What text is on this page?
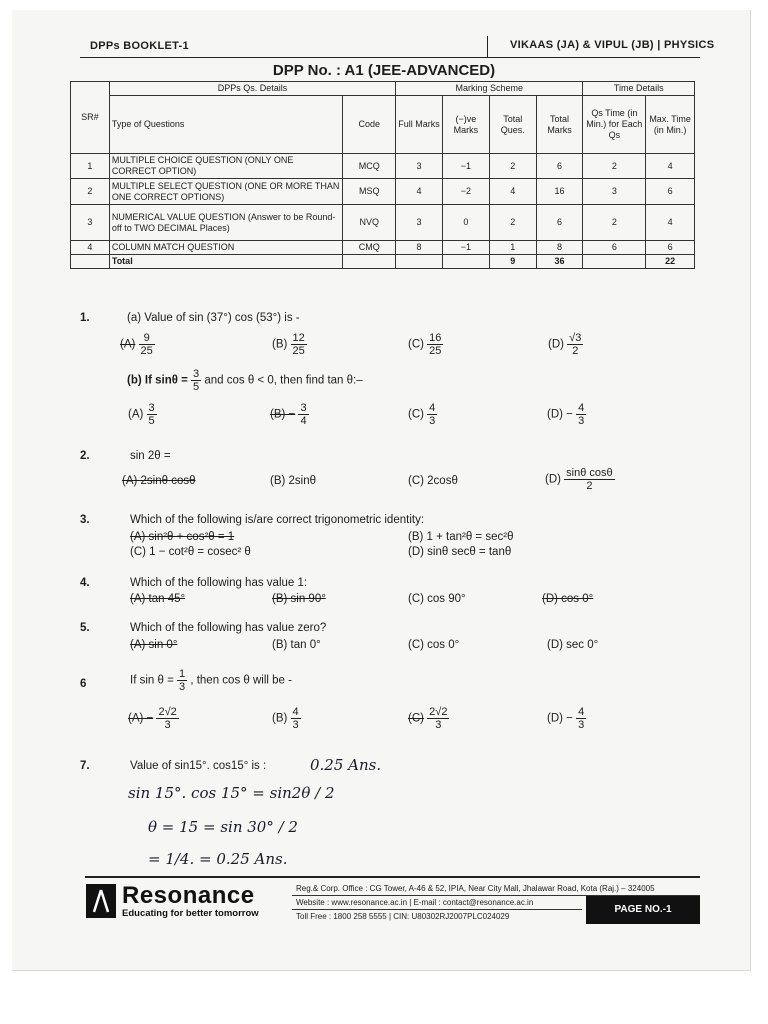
DPPs BOOKLET-1	VIKAAS (JA) & VIPUL (JB) | PHYSICS
DPP No. : A1 (JEE-ADVANCED)
SR#	DPPs Qs. Details		Marking Scheme				Time Details	
	Type of Questions	Code	Full Marks	(−)ve Marks	Total Ques.	Total Marks	Qs Time (in Min.) for Each Qs	Max. Time (in Min.)
1	MULTIPLE CHOICE QUESTION (ONLY ONE CORRECT OPTION)	MCQ	3	−1	2	6	2	4
2	MULTIPLE SELECT QUESTION (ONE OR MORE THAN ONE CORRECT OPTIONS)	MSQ	4	−2	4	16	3	6
3	NUMERICAL VALUE QUESTION (Answer to be Round-off to TWO DECIMAL Places)	NVQ	3	0	2	6	2	4
4	COLUMN MATCH QUESTION	CMQ	8	−1	1	8	6	6
	Total				9	36		22
1.	(a) Value of sin (37°) cos (53°) is -
$(A) \frac{9}{25}$	$(B) \frac{12}{25}$	$(C) \frac{16}{25}$	$(D) \frac{√3}{2}$
(b) If $\sin\theta = \frac{3}{5}$ and cos θ < 0, then find tan θ:–
$(A) \frac{3}{5}$	$(B) - \frac{3}{4}$	$(C) \frac{4}{3}$	$(D) - \frac{4}{3}$
2.	sin 2θ =
(A) 2sinθ cosθ	(B) 2sinθ	(C) 2cosθ	$(D) \frac{\text{sinθ cosθ}}{2}$
3.	Which of the following is/are correct trigonometric identity:
(A) sin²θ + cos²θ = 1	(B) 1 + tan²θ = sec²θ
(C) 1 − cot²θ = cosec² θ	(D) sinθ secθ = tanθ
4.	Which of the following has value 1:
(A) tan 45°	(B) sin 90°	(C) cos 90°	(D) cos 0°
5.	Which of the following has value zero?
(A) sin 0°	(B) tan 0°	(C) cos 0°	(D) sec 0°
6	If $\sin \theta = \frac{1}{3}$ , then cos θ will be -
$(A) - \frac{2√2}{3}$	$(B) \frac{4}{3}$	$(C) \frac{2√2}{3}$	$(D) - \frac{4}{3}$
7.	Value of sin15°. cos15° is :	0.25 Ans.
sin 15°. cos 15° = sin2θ / 2
θ = 15 = sin 30° / 2
= 1/4. = 0.25 Ans.
Resonance
Educating for better tomorrow
Reg.& Corp. Office : CG Tower, A-46 & 52, IPIA, Near City Mall, Jhalawar Road, Kota (Raj.) – 324005
Website : www.resonance.ac.in | E-mail : contact@resonance.ac.in
Toll Free : 1800 258 5555 | CIN: U80302RJ2007PLC024029
PAGE NO.-1
